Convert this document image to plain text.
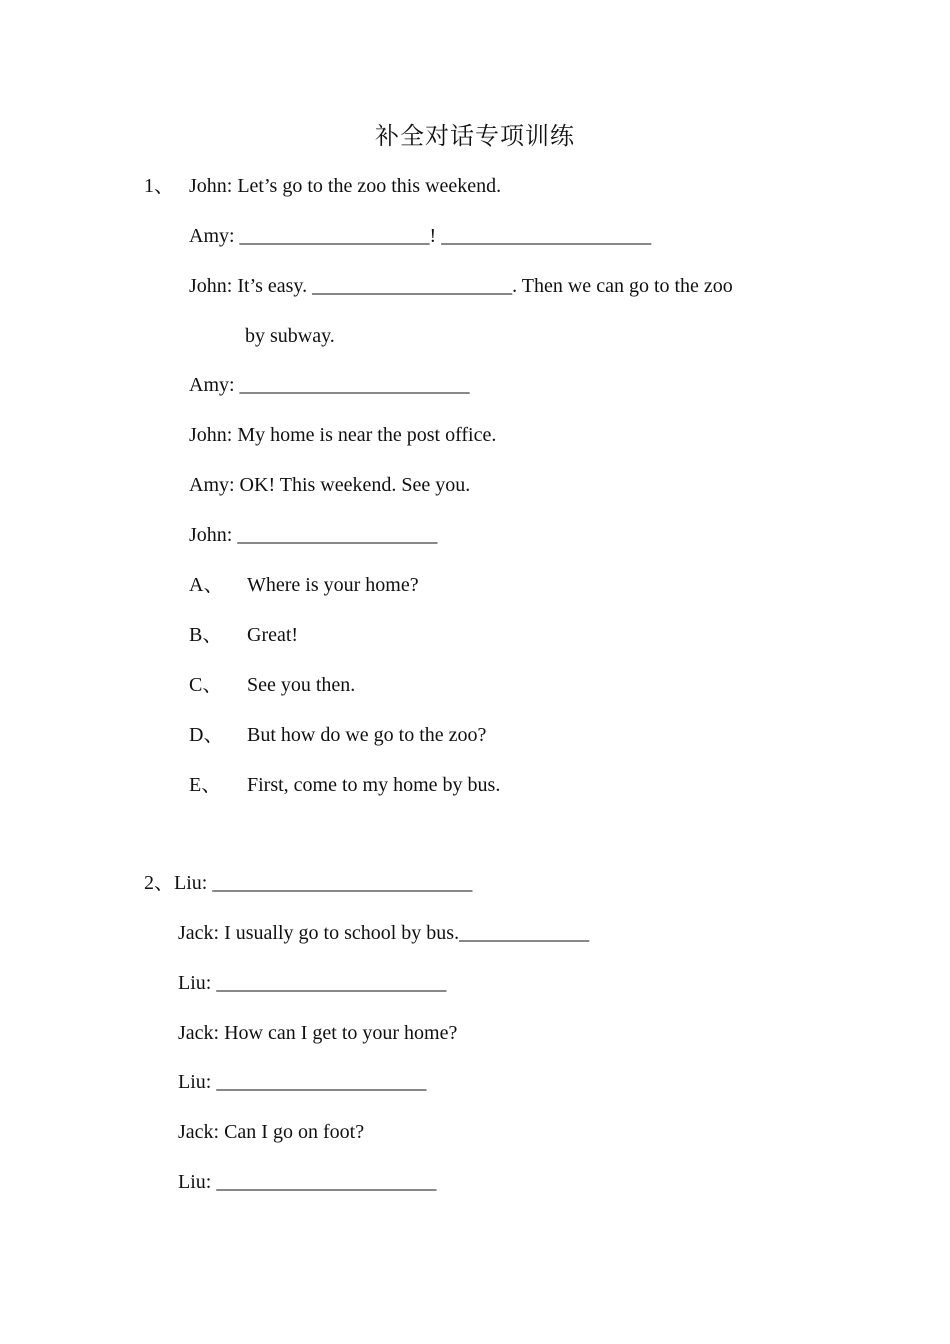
补全对话专项训练
1、 John: Let’s go to the zoo this weekend.
Amy: ___________________! _____________________
John: It’s easy. ____________________. Then we can go to the zoo
by subway.
Amy: _______________________
John: My home is near the post office.
Amy: OK! This weekend. See you.
John: ____________________
A、 Where is your home?
B、 Great!
C、 See you then.
D、 But how do we go to the zoo?
E、 First, come to my home by bus.
2、Liu: __________________________
Jack: I usually go to school by bus._____________
Liu: _______________________
Jack: How can I get to your home?
Liu: _____________________
Jack: Can I go on foot?
Liu: ______________________
